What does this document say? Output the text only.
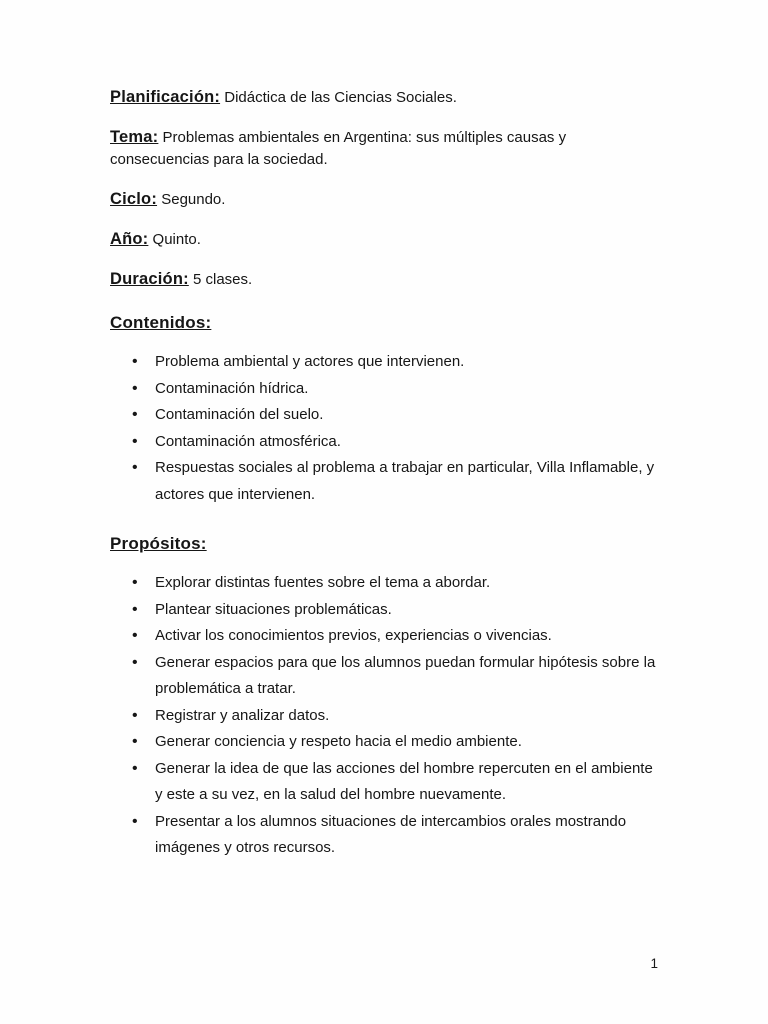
Planificación: Didáctica de las Ciencias Sociales.

Tema: Problemas ambientales en Argentina: sus múltiples causas y consecuencias para la sociedad.

Ciclo: Segundo.

Año: Quinto.

Duración: 5 clases.

Contenidos:
• Problema ambiental y actores que intervienen.
• Contaminación hídrica.
• Contaminación del suelo.
• Contaminación atmosférica.
• Respuestas sociales al problema a trabajar en particular, Villa Inflamable, y actores que intervienen.
Propósitos:
• Explorar distintas fuentes sobre el tema a abordar.
• Plantear situaciones problemáticas.
• Activar los conocimientos previos, experiencias o vivencias.
• Generar espacios para que los alumnos puedan formular hipótesis sobre la problemática a tratar.
• Registrar y analizar datos.
• Generar conciencia y respeto hacia el medio ambiente.
• Generar la idea de que las acciones del hombre repercuten en el ambiente y este a su vez, en la salud del hombre nuevamente.
• Presentar a los alumnos situaciones de intercambios orales mostrando imágenes y otros recursos.
1
